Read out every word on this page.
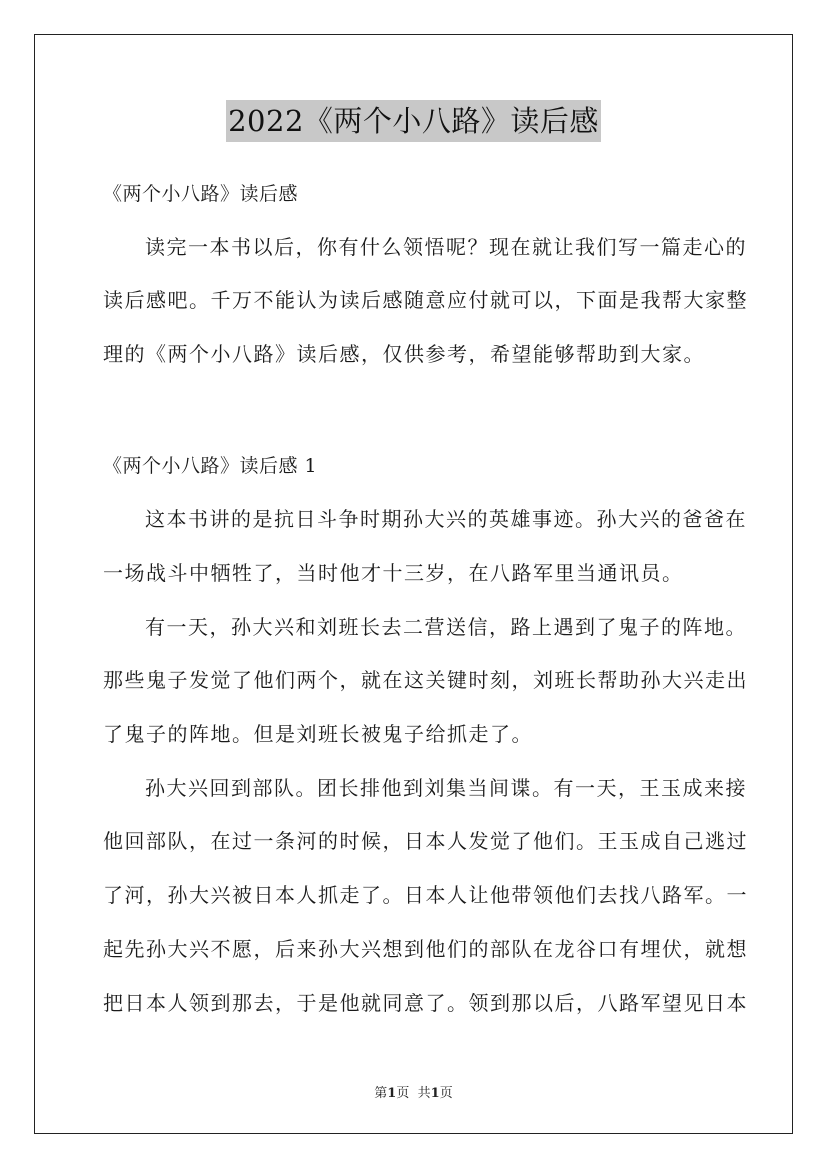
2022《两个小八路》读后感
《两个小八路》读后感
读完一本书以后，你有什么领悟呢？现在就让我们写一篇走心的
读后感吧。千万不能认为读后感随意应付就可以，下面是我帮大家整
理的《两个小八路》读后感，仅供参考，希望能够帮助到大家。
《两个小八路》读后感 1
这本书讲的是抗日斗争时期孙大兴的英雄事迹。孙大兴的爸爸在
一场战斗中牺牲了，当时他才十三岁，在八路军里当通讯员。
有一天，孙大兴和刘班长去二营送信，路上遇到了鬼子的阵地。
那些鬼子发觉了他们两个，就在这关键时刻，刘班长帮助孙大兴走出
了鬼子的阵地。但是刘班长被鬼子给抓走了。
孙大兴回到部队。团长排他到刘集当间谍。有一天，王玉成来接
他回部队，在过一条河的时候，日本人发觉了他们。王玉成自己逃过
了河，孙大兴被日本人抓走了。日本人让他带领他们去找八路军。一
起先孙大兴不愿，后来孙大兴想到他们的部队在龙谷口有埋伏，就想
把日本人领到那去，于是他就同意了。领到那以后，八路军望见日本
第1页 共1页
